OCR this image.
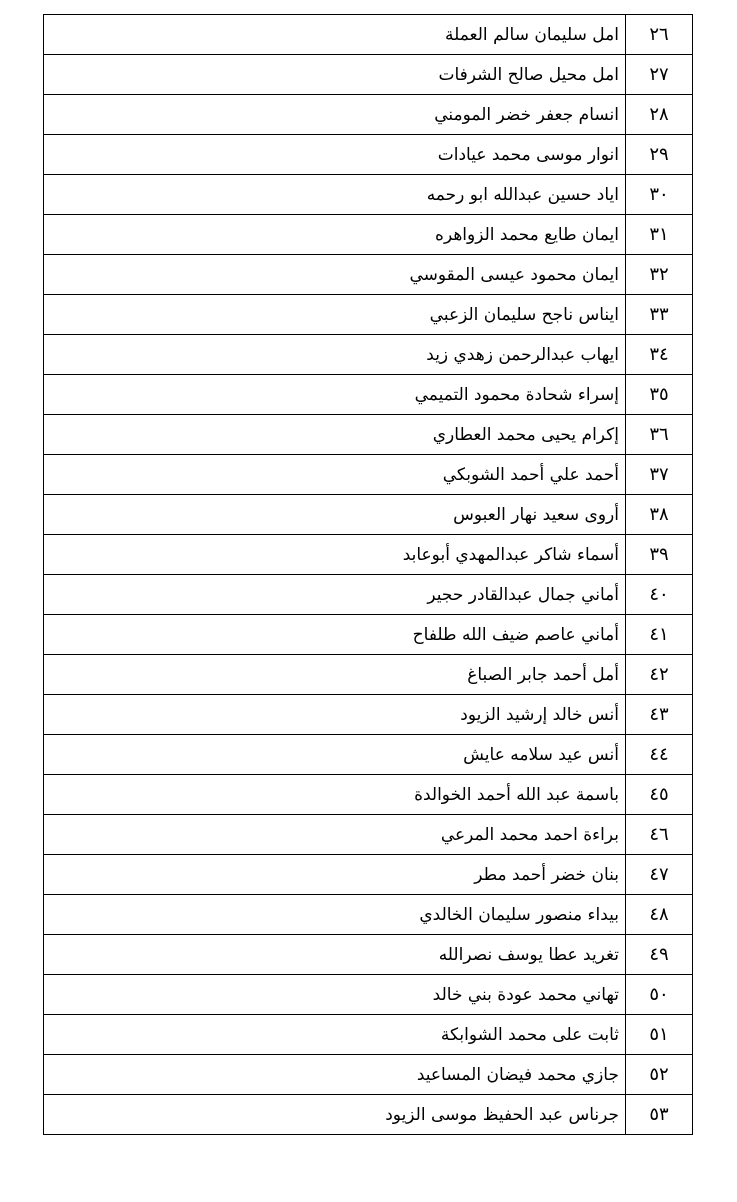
٢٦	امل سليمان سالم العملة
٢٧	امل محيل صالح الشرفات
٢٨	انسام جعفر خضر المومني
٢٩	انوار موسى محمد عيادات
٣٠	اياد حسين عبدالله ابو رحمه
٣١	ايمان طايع محمد الزواهره
٣٢	ايمان محمود عيسى المقوسي
٣٣	ايناس ناجح سليمان الزعبي
٣٤	ايهاب عبدالرحمن زهدي زيد
٣٥	إسراء شحادة محمود التميمي
٣٦	إكرام يحيى محمد العطاري
٣٧	أحمد علي أحمد الشوبكي
٣٨	أروى سعيد نهار العبوس
٣٩	أسماء شاكر عبدالمهدي أبوعابد
٤٠	أماني جمال عبدالقادر حجير
٤١	أماني عاصم ضيف الله طلفاح
٤٢	أمل أحمد جابر الصباغ
٤٣	أنس خالد إرشيد الزيود
٤٤	أنس عيد سلامه عايش
٤٥	باسمة عبد الله أحمد الخوالدة
٤٦	براءة احمد محمد المرعي
٤٧	بنان خضر أحمد مطر
٤٨	بيداء منصور سليمان الخالدي
٤٩	تغريد عطا يوسف نصرالله
٥٠	تهاني محمد عودة بني خالد
٥١	ثابت على محمد الشوابكة
٥٢	جازي محمد فيضان المساعيد
٥٣	جرناس عبد الحفيظ موسى الزيود
